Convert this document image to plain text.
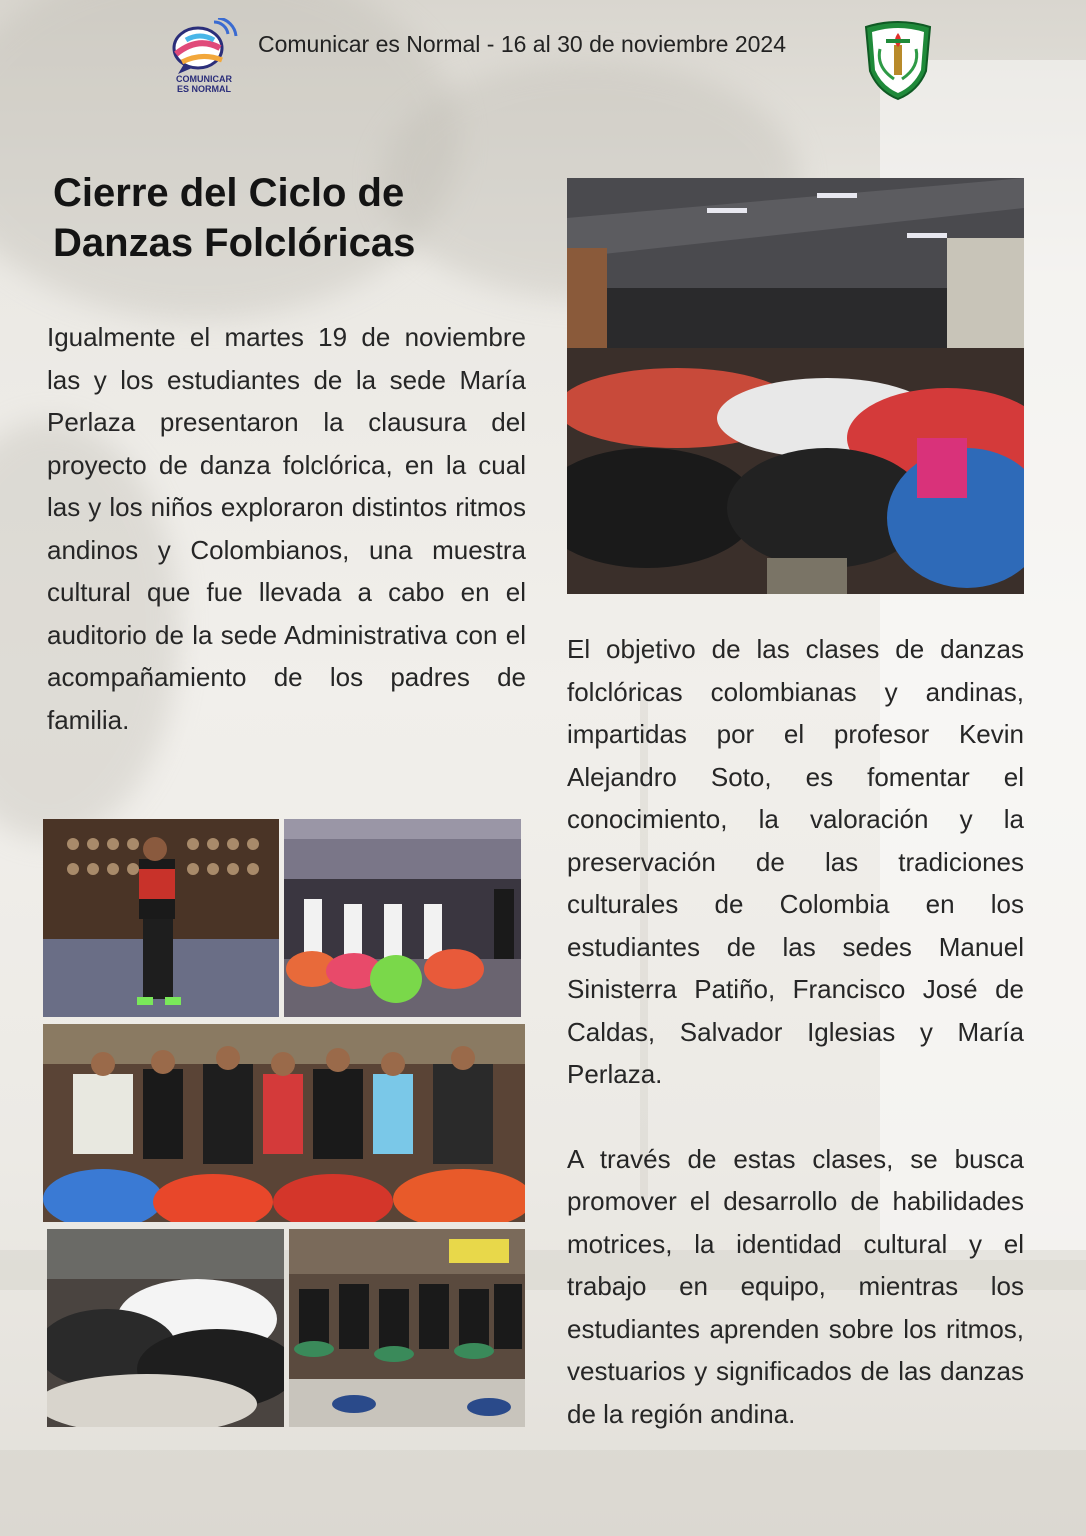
COMUNICAR
ES NORMAL
Comunicar es Normal - 16 al 30 de noviembre 2024
Cierre del Ciclo de Danzas Folclóricas

Igualmente el martes 19 de noviembre las y los estudiantes de la sede María Perlaza presentaron la clausura del proyecto de danza folclórica, en la cual las y los niños exploraron distintos ritmos andinos y Colombianos, una muestra cultural que fue llevada a cabo en el auditorio de la sede Administrativa con el acompañamiento de los padres de familia.

El objetivo de las clases de danzas folclóricas colombianas y andinas, impartidas por el profesor Kevin Alejandro Soto, es fomentar el conocimiento, la valoración y la preservación de las tradiciones culturales de Colombia en los estudiantes de las sedes Manuel Sinisterra Patiño, Francisco José de Caldas, Salvador Iglesias y María Perlaza.

A través de estas clases, se busca promover el desarrollo de habilidades motrices, la identidad cultural y el trabajo en equipo, mientras los estudiantes aprenden sobre los ritmos, vestuarios y significados de las danzas de la región andina.
